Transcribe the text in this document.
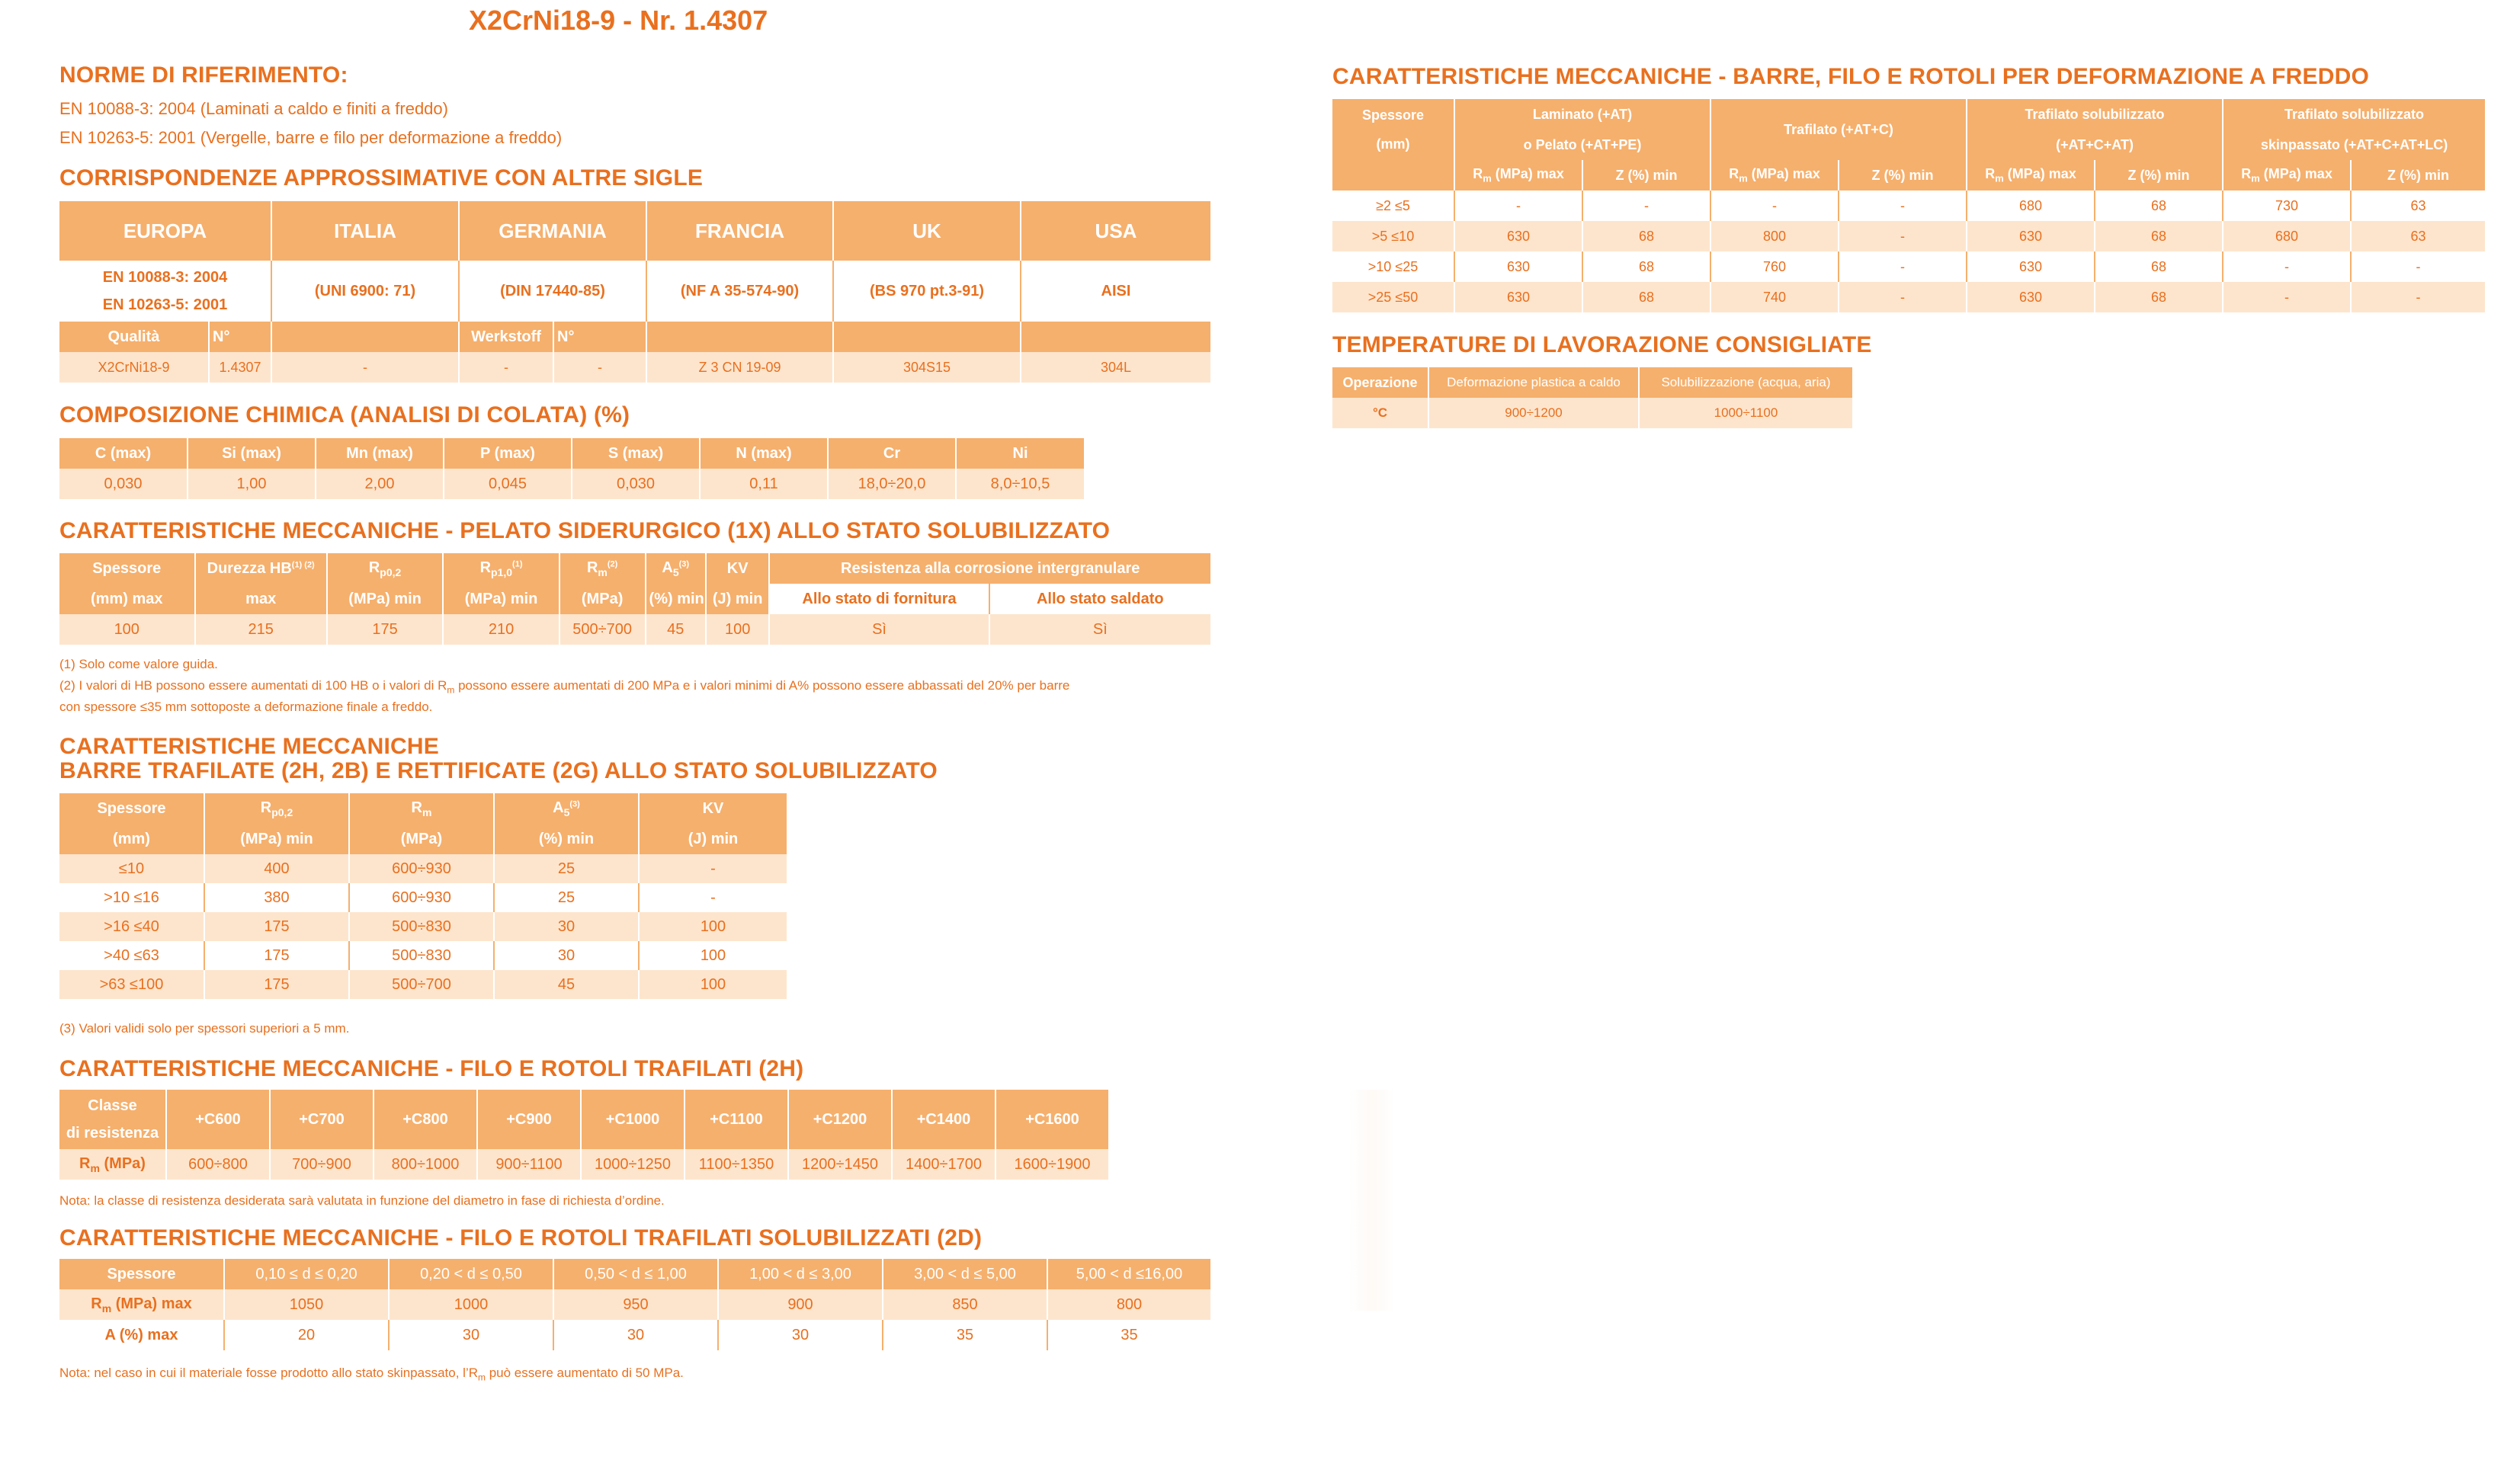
X2CrNi18-9 - Nr. 1.4307
NORME DI RIFERIMENTO:
EN 10088-3: 2004 (Laminati a caldo e finiti a freddo)
EN 10263-5: 2001 (Vergelle, barre e filo per deformazione a freddo)
CORRISPONDENZE APPROSSIMATIVE CON ALTRE SIGLE
EUROPA		ITALIA	GERMANIA		FRANCIA	UK	USA

EN 10088-3: 2004
EN 10263-5: 2001		(UNI 6900: 71)	(DIN 17440-85)		(NF A 35-574-90)	(BS 970 pt.3-91)	AISI
Qualità	N°		Werkstoff	N°			
X2CrNi18-9	1.4307	-	-	-	Z 3 CN 19-09	304S15	304L
COMPOSIZIONE CHIMICA (ANALISI DI COLATA) (%)
C (max)	Si (max)	Mn (max)	P (max)	S (max)	N (max)	Cr	Ni
0,030	1,00	2,00	0,045	0,030	0,11	18,0÷20,0	8,0÷10,5
CARATTERISTICHE MECCANICHE - PELATO SIDERURGICO (1X) ALLO STATO SOLUBILIZZATO
Spessore	Durezza $HB^{(1) (2)}$	$R_{p0,2}$	$R_{p1,0}^{(1)}$	$R_m^{(2)}$	$A_5^{(3)}$	KV	Resistenza alla corrosione intergranulare	
(mm) max	max	(MPa) min	(MPa) min	(MPa)	(%) min	(J) min	Allo stato di fornitura	Allo stato saldato
100	215	175	210	500÷700	45	100	Sì	Sì
(1) Solo come valore guida.
(2) I valori di HB possono essere aumentati di 100 HB o i valori di $R_m$ possono essere aumentati di 200 MPa e i valori minimi di A% possono essere abbassati del 20% per barre
con spessore ≤35 mm sottoposte a deformazione finale a freddo.
CARATTERISTICHE MECCANICHE
BARRE TRAFILATE (2H, 2B) E RETTIFICATE (2G) ALLO STATO SOLUBILIZZATO
Spessore	$R_{p0,2}$	$R_m$	$A_5^{(3)}$	KV
(mm)	(MPa) min	(MPa)	(%) min	(J) min
≤10	400	600÷930	25	-
>10 ≤16	380	600÷930	25	-
>16 ≤40	175	500÷830	30	100
>40 ≤63	175	500÷830	30	100
>63 ≤100	175	500÷700	45	100
(3) Valori validi solo per spessori superiori a 5 mm.
CARATTERISTICHE MECCANICHE - FILO E ROTOLI TRAFILATI (2H)
Classe
di resistenza	+C600	+C700	+C800	+C900	+C1000	+C1100	+C1200	+C1400	+C1600
$R_m$ (MPa)	600÷800	700÷900	800÷1000	900÷1100	1000÷1250	1100÷1350	1200÷1450	1400÷1700	1600÷1900
Nota: la classe di resistenza desiderata sarà valutata in funzione del diametro in fase di richiesta d’ordine.
CARATTERISTICHE MECCANICHE - FILO E ROTOLI TRAFILATI SOLUBILIZZATI (2D)
Spessore	0,10 ≤ d ≤ 0,20	0,20 < d ≤ 0,50	0,50 < d ≤ 1,00	1,00 < d ≤ 3,00	3,00 < d ≤ 5,00	5,00 < d ≤16,00
$R_m$ (MPa) max	1050	1000	950	900	850	800
A (%) max	20	30	30	30	35	35
Nota: nel caso in cui il materiale fosse prodotto allo stato skinpassato, $l’R_m$ può essere aumentato di 50 MPa.
CARATTERISTICHE MECCANICHE - BARRE, FILO E ROTOLI PER DEFORMAZIONE A FREDDO
Spessore
(mm)	Laminato (+AT)		Trafilato (+AT+C)		Trafilato solubilizzato		Trafilato solubilizzato	
	o Pelato (+AT+PE)				(+AT+C+AT)		skinpassato (+AT+C+AT+LC)	
	$R_m$ (MPa) max	Z (%) min	$R_m$ (MPa) max	Z (%) min	$R_m$ (MPa) max	Z (%) min	$R_m$ (MPa) max	Z (%) min
≥2 ≤5	-	-	-	-	680	68	730	63
>5 ≤10	630	68	800	-	630	68	680	63
>10 ≤25	630	68	760	-	630	68	-	-
>25 ≤50	630	68	740	-	630	68	-	-
TEMPERATURE DI LAVORAZIONE CONSIGLIATE
Operazione	Deformazione plastica a caldo	Solubilizzazione (acqua, aria)
°C	900÷1200	1000÷1100
